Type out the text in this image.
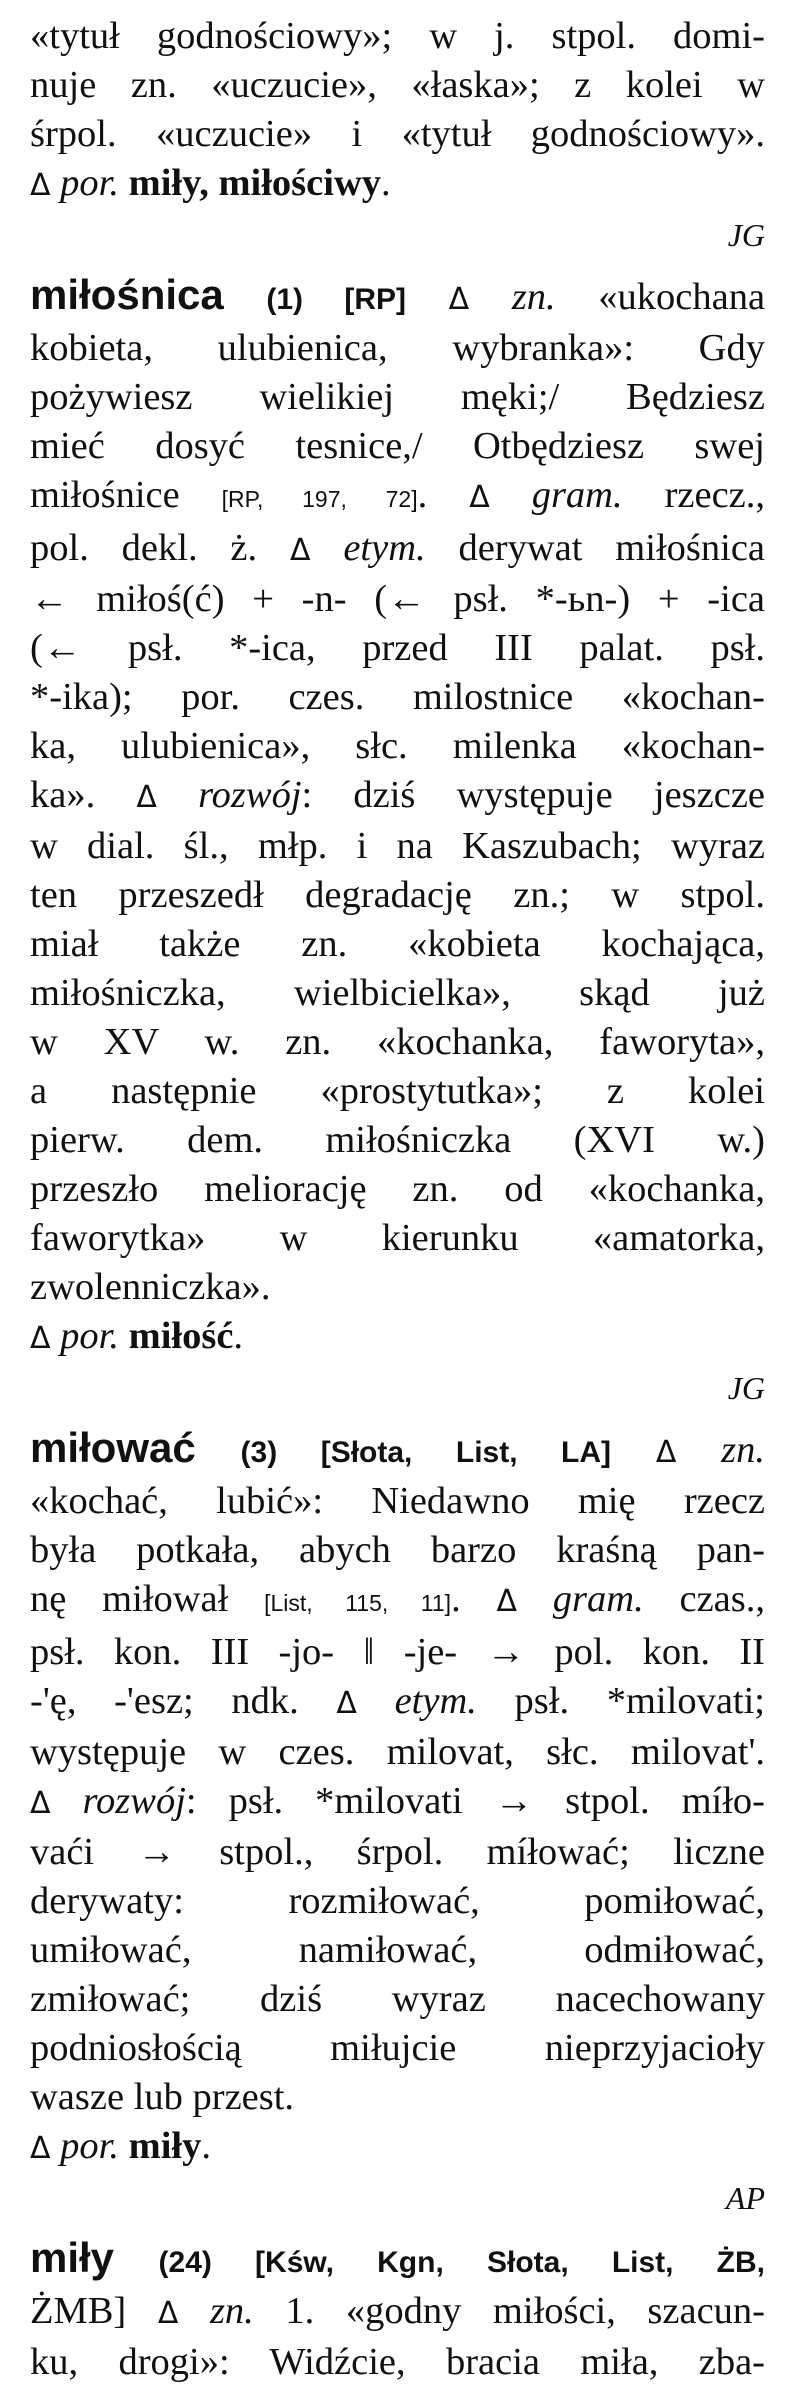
«tytuł godnościowy»; w j. stpol. domi-
nuje zn. «uczucie», «łaska»; z kolei w
śrpol. «uczucie» i «tytuł godnościowy».
Δ por. miły, miłościwy.

JG

miłośnica (1) [RP] Δ zn. «ukochana
kobieta, ulubienica, wybranka»: Gdy
pożywiesz wielikiej męki;/ Będziesz
mieć dosyć tesnice,/ Otbędziesz swej
miłośnice [RP, 197, 72]. Δ gram. rzecz.,
pol. dekl. ż. Δ etym. derywat miłośnica
← miłoś(ć) + -n- (← psł. *-ьn-) + -ica
(← psł. *-ica, przed III palat. psł.
*-ika); por. czes. milostnice «kochan-
ka, ulubienica», słc. milenka «kochan-
ka». Δ rozwój: dziś występuje jeszcze
w dial. śl., młp. i na Kaszubach; wyraz
ten przeszedł degradację zn.; w stpol.
miał także zn. «kobieta kochająca,
miłośniczka, wielbicielka», skąd już
w XV w. zn. «kochanka, faworyta»,
a następnie «prostytutka»; z kolei
pierw. dem. miłośniczka (XVI w.)
przeszło meliorację zn. od «kochanka,
faworytka» w kierunku «amatorka,
zwolenniczka».
Δ por. miłość.

JG

miłować (3) [Słota, List, LA] Δ zn.
«kochać, lubić»: Niedawno mię rzecz
była potkała, abych barzo kraśną pan-
nę miłował [List, 115, 11]. Δ gram. czas.,
psł. kon. III -jo- ‖ -je- → pol. kon. II
-'ę, -'esz; ndk. Δ etym. psł. *milovati;
występuje w czes. milovat, słc. milovat'.
Δ rozwój: psł. *milovati → stpol. míło-
vaći → stpol., śrpol. míłować; liczne
derywaty: rozmiłować, pomiłować,
umiłować, namiłować, odmiłować,
zmiłować; dziś wyraz nacechowany
podniosłością miłujcie nieprzyjacioły
wasze lub przest.
Δ por. miły.

AP

miły (24) [Kśw, Kgn, Słota, List, ŻB,
ŻMB] Δ zn. 1. «godny miłości, szacun-
ku, drogi»: Widźcie, bracia miła, zba-
